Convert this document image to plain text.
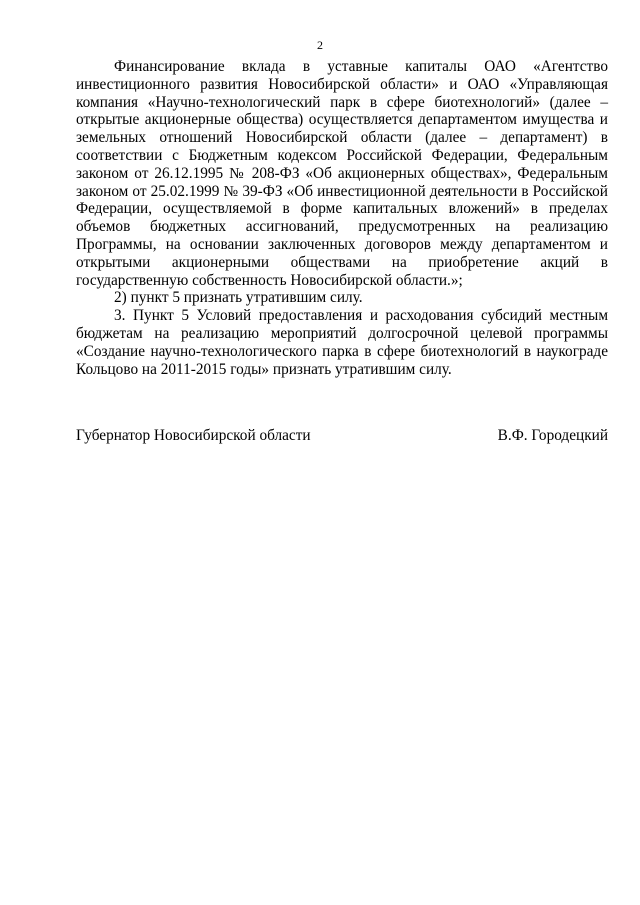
2

Финансирование вклада в уставные капиталы ОАО «Агентство инвестиционного развития Новосибирской области» и ОАО «Управляющая компания «Научно-технологический парк в сфере биотехнологий» (далее – открытые акционерные общества) осуществляется департаментом имущества и земельных отношений Новосибирской области (далее – департамент) в соответствии с Бюджетным кодексом Российской Федерации, Федеральным законом от 26.12.1995 № 208-ФЗ «Об акционерных обществах», Федеральным законом от 25.02.1999 № 39-ФЗ «Об инвестиционной деятельности в Российской Федерации, осуществляемой в форме капитальных вложений» в пределах объемов бюджетных ассигнований, предусмотренных на реализацию Программы, на основании заключенных договоров между департаментом и открытыми акционерными обществами на приобретение акций в государственную собственность Новосибирской области.»;

2) пункт 5 признать утратившим силу.

3. Пункт 5 Условий предоставления и расходования субсидий местным бюджетам на реализацию мероприятий долгосрочной целевой программы «Создание научно-технологического парка в сфере биотехнологий в наукограде Кольцово на 2011-2015 годы» признать утратившим силу.

Губернатор Новосибирской области	В.Ф. Городецкий
